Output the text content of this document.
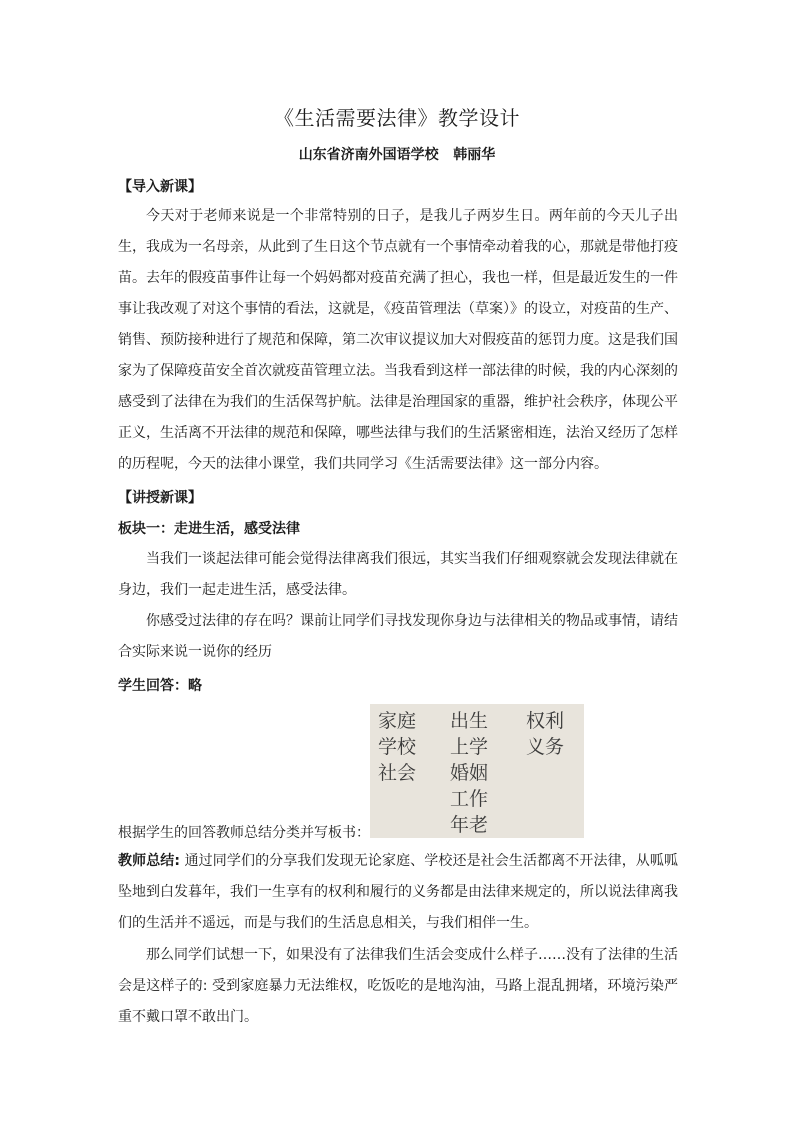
《生活需要法律》教学设计
山东省济南外国语学校   韩丽华
【导入新课】

今天对于老师来说是一个非常特别的日子，是我儿子两岁生日。两年前的今天儿子出生，我成为一名母亲，从此到了生日这个节点就有一个事情牵动着我的心，那就是带他打疫苗。去年的假疫苗事件让每一个妈妈都对疫苗充满了担心，我也一样，但是最近发生的一件事让我改观了对这个事情的看法，这就是，《疫苗管理法（草案）》的设立，对疫苗的生产、销售、预防接种进行了规范和保障，第二次审议提议加大对假疫苗的惩罚力度。这是我们国家为了保障疫苗安全首次就疫苗管理立法。当我看到这样一部法律的时候，我的内心深刻的感受到了法律在为我们的生活保驾护航。法律是治理国家的重器，维护社会秩序，体现公平正义，生活离不开法律的规范和保障，哪些法律与我们的生活紧密相连，法治又经历了怎样的历程呢，今天的法律小课堂，我们共同学习《生活需要法律》这一部分内容。

【讲授新课】
板块一：走进生活，感受法律

当我们一谈起法律可能会觉得法律离我们很远，其实当我们仔细观察就会发现法律就在身边，我们一起走进生活，感受法律。

你感受过法律的存在吗？课前让同学们寻找发现你身边与法律相关的物品或事情，请结合实际来说一说你的经历

学生回答：略
家庭
学校
社会
出生
上学
婚姻
工作
年老
权利
义务
根据学生的回答教师总结分类并写板书：

教师总结: 通过同学们的分享我们发现无论家庭、学校还是社会生活都离不开法律，从呱呱坠地到白发暮年，我们一生享有的权利和履行的义务都是由法律来规定的，所以说法律离我们的生活并不遥远，而是与我们的生活息息相关，与我们相伴一生。

那么同学们试想一下，如果没有了法律我们生活会变成什么样子……没有了法律的生活会是这样子的: 受到家庭暴力无法维权，吃饭吃的是地沟油，马路上混乱拥堵，环境污染严重不戴口罩不敢出门。
